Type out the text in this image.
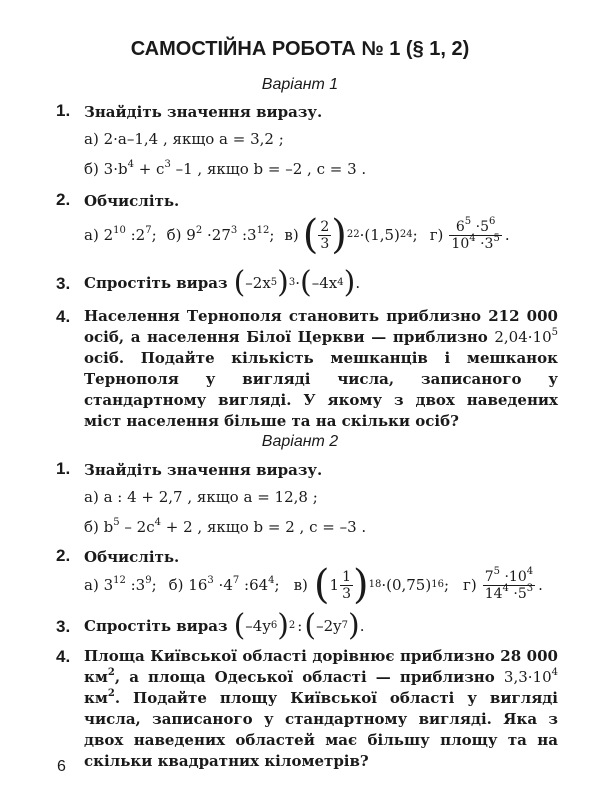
САМОСТІЙНА РОБОТА № 1 (§ 1, 2)
Варіант 1
1. Знайдіть значення виразу.
а) 2·a–1,4 , якщо a = 3,2 ;
б) $3\cdot b^4 + c^3$ –1 , якщо b = –2 , c = 3 .
2. Обчисліть.
а) $2^{10}$ $:2^7$; б) $9^2 \cdot 27^3$ $:3^{12}$; в) ( $\frac{2}{3}$ ) 22 ·(1,5) 24 ; $г) \frac{6^5 \cdot 5^6}{10^4 \cdot 3^5}$ .
3. Спростіть вираз ( –2x 5 ) 3 · ( –4x 4 ) .
4. Населення Тернополя становить приблизно 212 000 осіб, а населення Білої Церкви — приблизно $2,04\cdot 10^5$ осіб. Подайте кількість мешканців і мешканок Тернополя у вигляді числа, записаного у стандартному вигляді. У якому з двох наведених міст населення більше та на скільки осіб?
Варіант 2
1. Знайдіть значення виразу.
а) a : 4 + 2,7 , якщо a = 12,8 ;
б) $b^5 - 2c^4 + 2$ , якщо b = 2 , c = –3 .
2. Обчисліть.
а) $3^{12}$ $:3^9$; б) $16^3 \cdot 4^7$ $:64^4$; в) ( $1 \frac{1}{3}$ ) 18 ·(0,75) 16 ; $г) \frac{7^5 \cdot 10^4}{14^4 \cdot 5^3}$ .
3. Спростіть вираз ( –4y 6 ) 2 : ( –2y 7 ) .
4. Площа Київської області дорівнює приблизно 28 000 $км^2$, а площа Одеської області — приблизно $3,3\cdot 10^4$ $км^2$. Подайте площу Київської області у вигляді числа, записаного у стандартному вигляді. Яка з двох наведених областей має більшу площу та на скільки квадратних кілометрів?
6
